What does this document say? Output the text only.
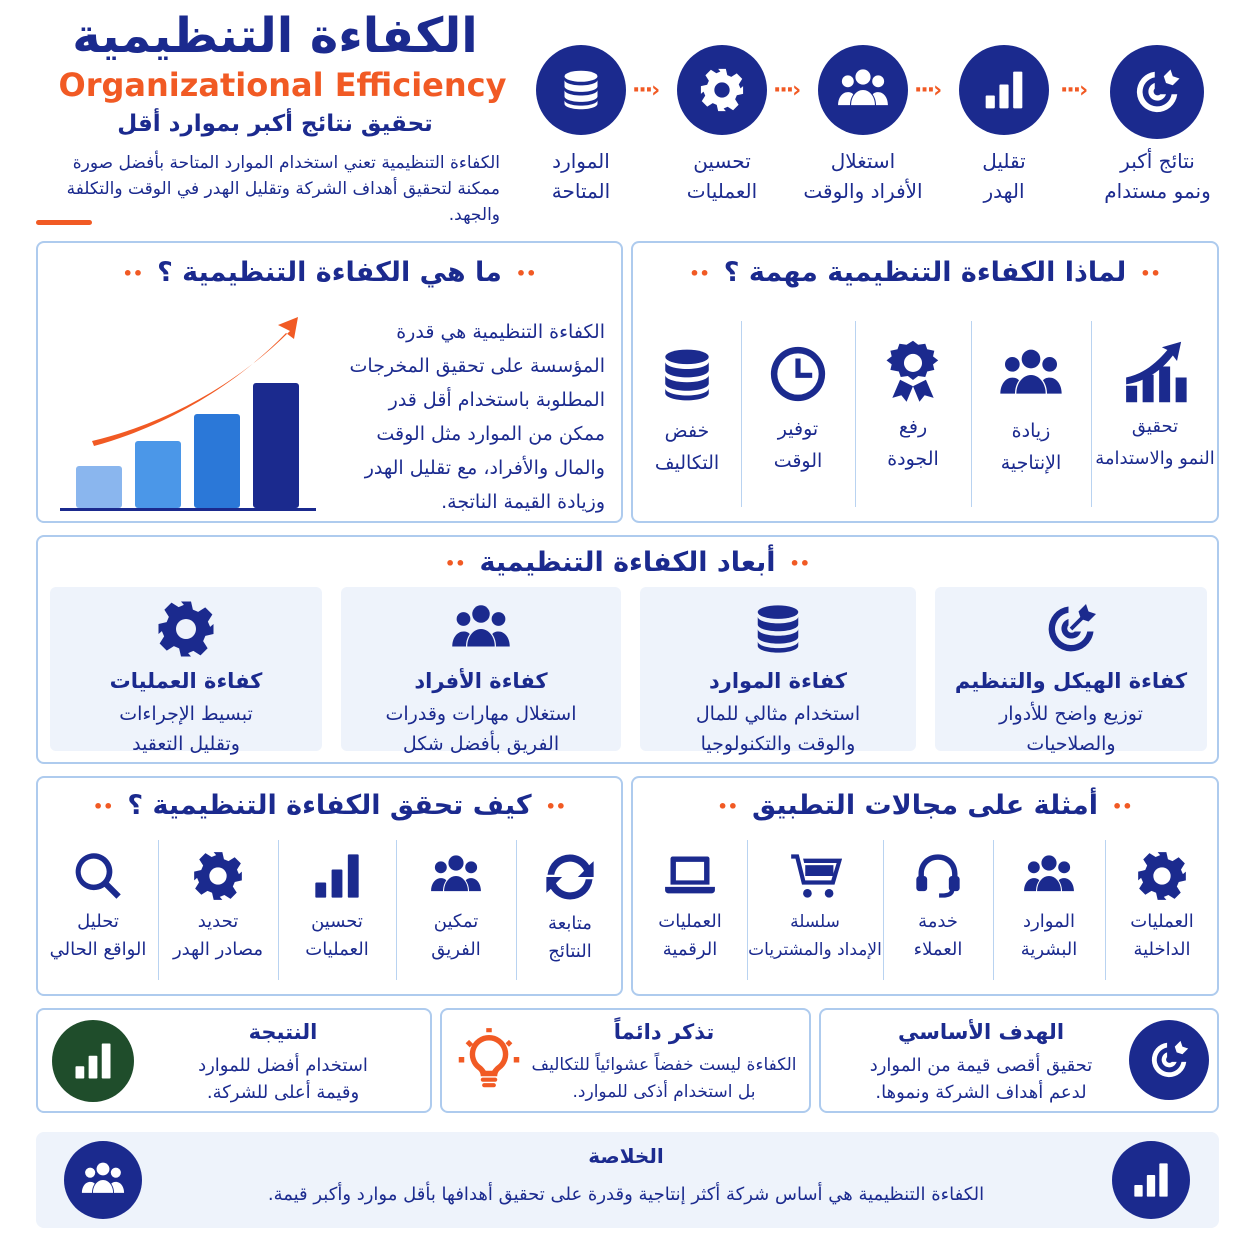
الكفاءة التنظيمية
Organizational Efficiency
تحقيق نتائج أكبر بموارد أقل
الكفاءة التنظيمية تعني استخدام الموارد المتاحة بأفضل صورة
ممكنة لتحقيق أهداف الشركة وتقليل الهدر في الوقت والتكلفة
والجهد.
···›	···›	···›	···›
الموارد
المتاحة
تحسين
العمليات
استغلال
الأفراد والوقت
تقليل
الهدر
نتائج أكبر
ونمو مستدام
••ما هي الكفاءة التنظيمية ؟••
الكفاءة التنظيمية هي قدرة
المؤسسة على تحقيق المخرجات
المطلوبة باستخدام أقل قدر
ممكن من الموارد مثل الوقت
والمال والأفراد، مع تقليل الهدر
وزيادة القيمة الناتجة.
••لماذا الكفاءة التنظيمية مهمة ؟••
خفض
التكاليف
توفير
الوقت
رفع
الجودة
زيادة
الإنتاجية
تحقيق
النمو والاستدامة
••أبعاد الكفاءة التنظيمية••
كفاءة العمليات

تبسيط الإجراءات
وتقليل التعقيد

كفاءة الأفراد

استغلال مهارات وقدرات
الفريق بأفضل شكل

كفاءة الموارد

استخدام مثالي للمال
والوقت والتكنولوجيا

كفاءة الهيكل والتنظيم

توزيع واضح للأدوار
والصلاحيات

••كيف تحقق الكفاءة التنظيمية ؟••
تحليل
الواقع الحالي
تحديد
مصادر الهدر
تحسين
العمليات
تمكين
الفريق
متابعة
النتائج
••أمثلة على مجالات التطبيق••
العمليات
الرقمية
سلسلة
الإمداد والمشتريات
خدمة
العملاء
الموارد
البشرية
العمليات
الداخلية
النتيجة
استخدام أفضل للموارد
وقيمة أعلى للشركة.
تذكر دائماً
الكفاءة ليست خفضاً عشوائياً للتكاليف
بل استخدام أذكى للموارد.
الهدف الأساسي
تحقيق أقصى قيمة من الموارد
لدعم أهداف الشركة ونموها.
الخلاصة
الكفاءة التنظيمية هي أساس شركة أكثر إنتاجية وقدرة على تحقيق أهدافها بأقل موارد وأكبر قيمة.
